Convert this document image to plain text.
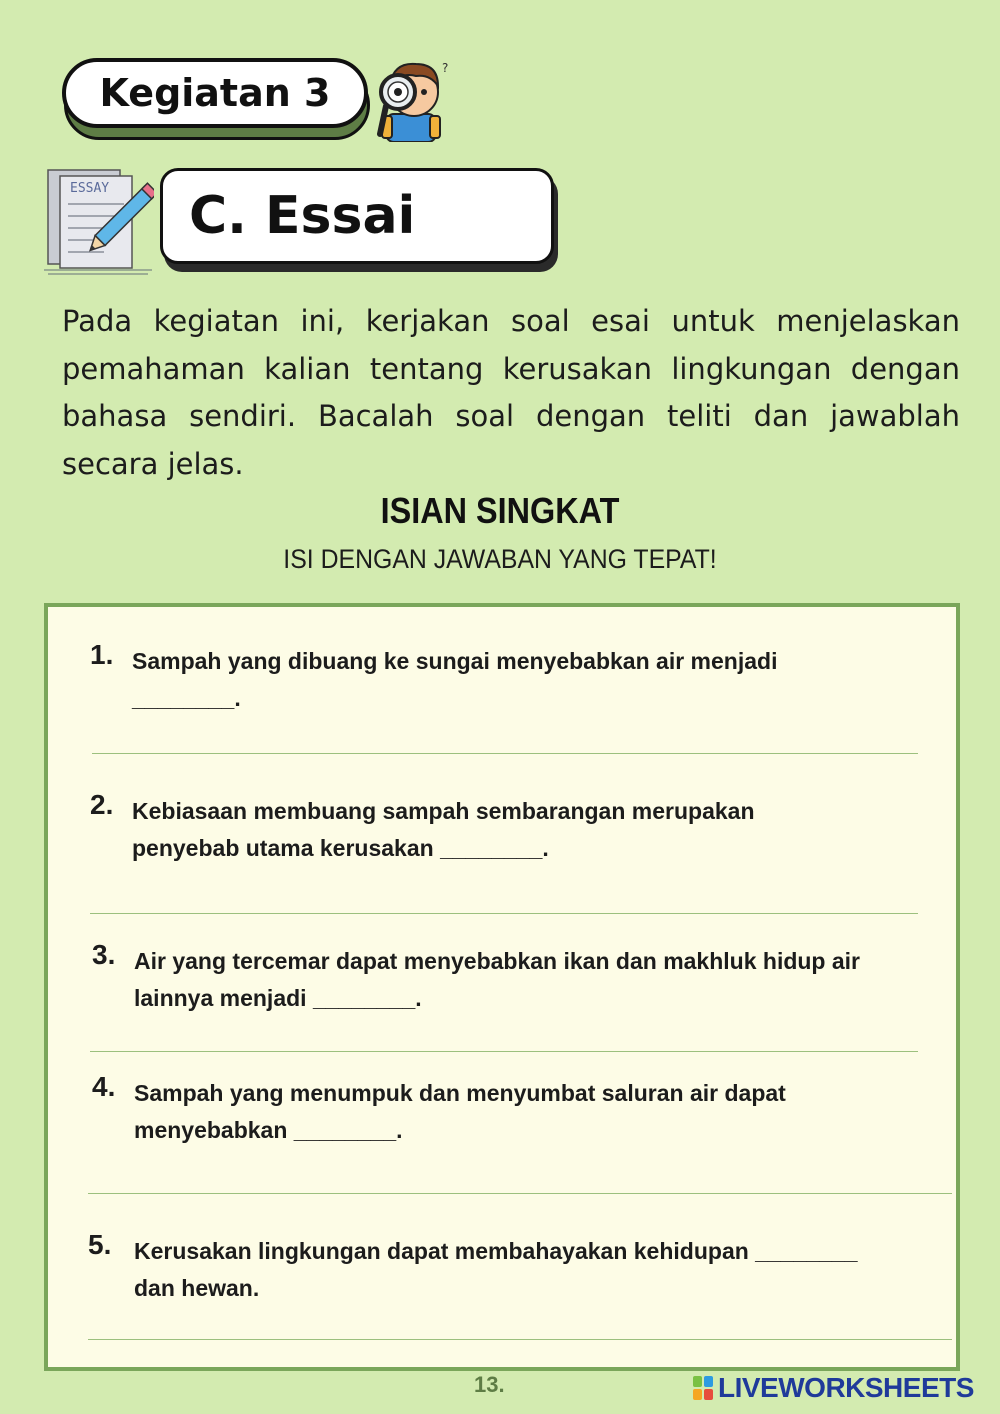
Kegiatan 3
?
ESSAY	C. Essai

Pada kegiatan ini, kerjakan soal esai untuk menjelaskan pemahaman kalian tentang kerusakan lingkungan dengan bahasa sendiri. Bacalah soal dengan teliti dan jawablah secara jelas.

ISIAN SINGKAT
ISI DENGAN JAWABAN YANG TEPAT!
1. Sampah yang dibuang ke sungai menyebabkan air menjadi
________.
2. Kebiasaan membuang sampah sembarangan merupakan
penyebab utama kerusakan ________.
3. Air yang tercemar dapat menyebabkan ikan dan makhluk hidup air
lainnya menjadi ________.
4. Sampah yang menumpuk dan menyumbat saluran air dapat
menyebabkan ________.
5. Kerusakan lingkungan dapat membahayakan kehidupan ________
dan hewan.
13.	LIVEWORKSHEETS
